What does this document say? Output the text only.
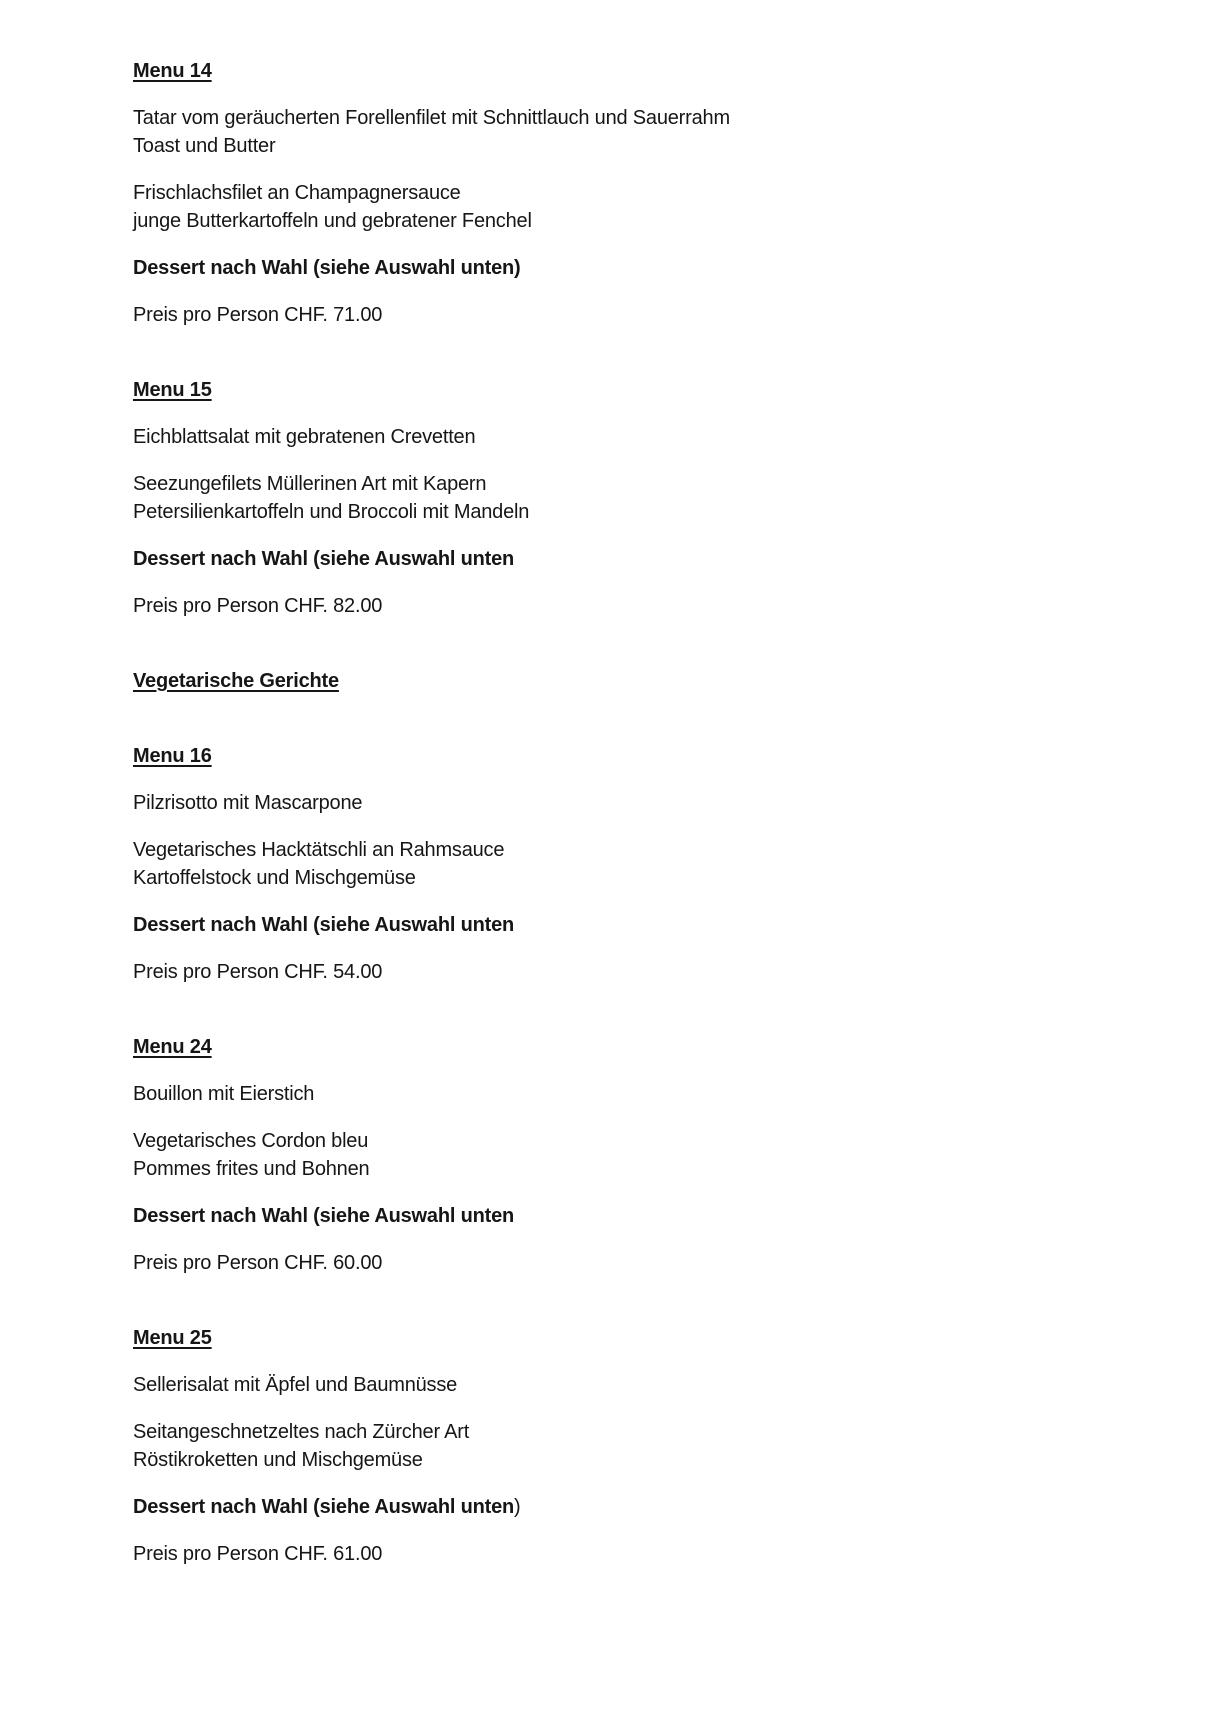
Menu 14

Tatar vom geräucherten Forellenfilet mit Schnittlauch und Sauerrahm
Toast und Butter

Frischlachsfilet an Champagnersauce
junge Butterkartoffeln und gebratener Fenchel

Dessert nach Wahl (siehe Auswahl unten)

Preis pro Person CHF. 71.00

Menu 15

Eichblattsalat mit gebratenen Crevetten

Seezungefilets Müllerinen Art mit Kapern
Petersilienkartoffeln und Broccoli mit Mandeln

Dessert nach Wahl (siehe Auswahl unten

Preis pro Person CHF. 82.00

Vegetarische Gerichte
Menu 16

Pilzrisotto mit Mascarpone

Vegetarisches Hacktätschli an Rahmsauce
Kartoffelstock und Mischgemüse

Dessert nach Wahl (siehe Auswahl unten

Preis pro Person CHF. 54.00

Menu 24

Bouillon mit Eierstich

Vegetarisches Cordon bleu
Pommes frites und Bohnen

Dessert nach Wahl (siehe Auswahl unten

Preis pro Person CHF. 60.00

Menu 25

Sellerisalat mit Äpfel und Baumnüsse

Seitangeschnetzeltes nach Zürcher Art
Röstikroketten und Mischgemüse

Dessert nach Wahl (siehe Auswahl unten)

Preis pro Person CHF. 61.00
